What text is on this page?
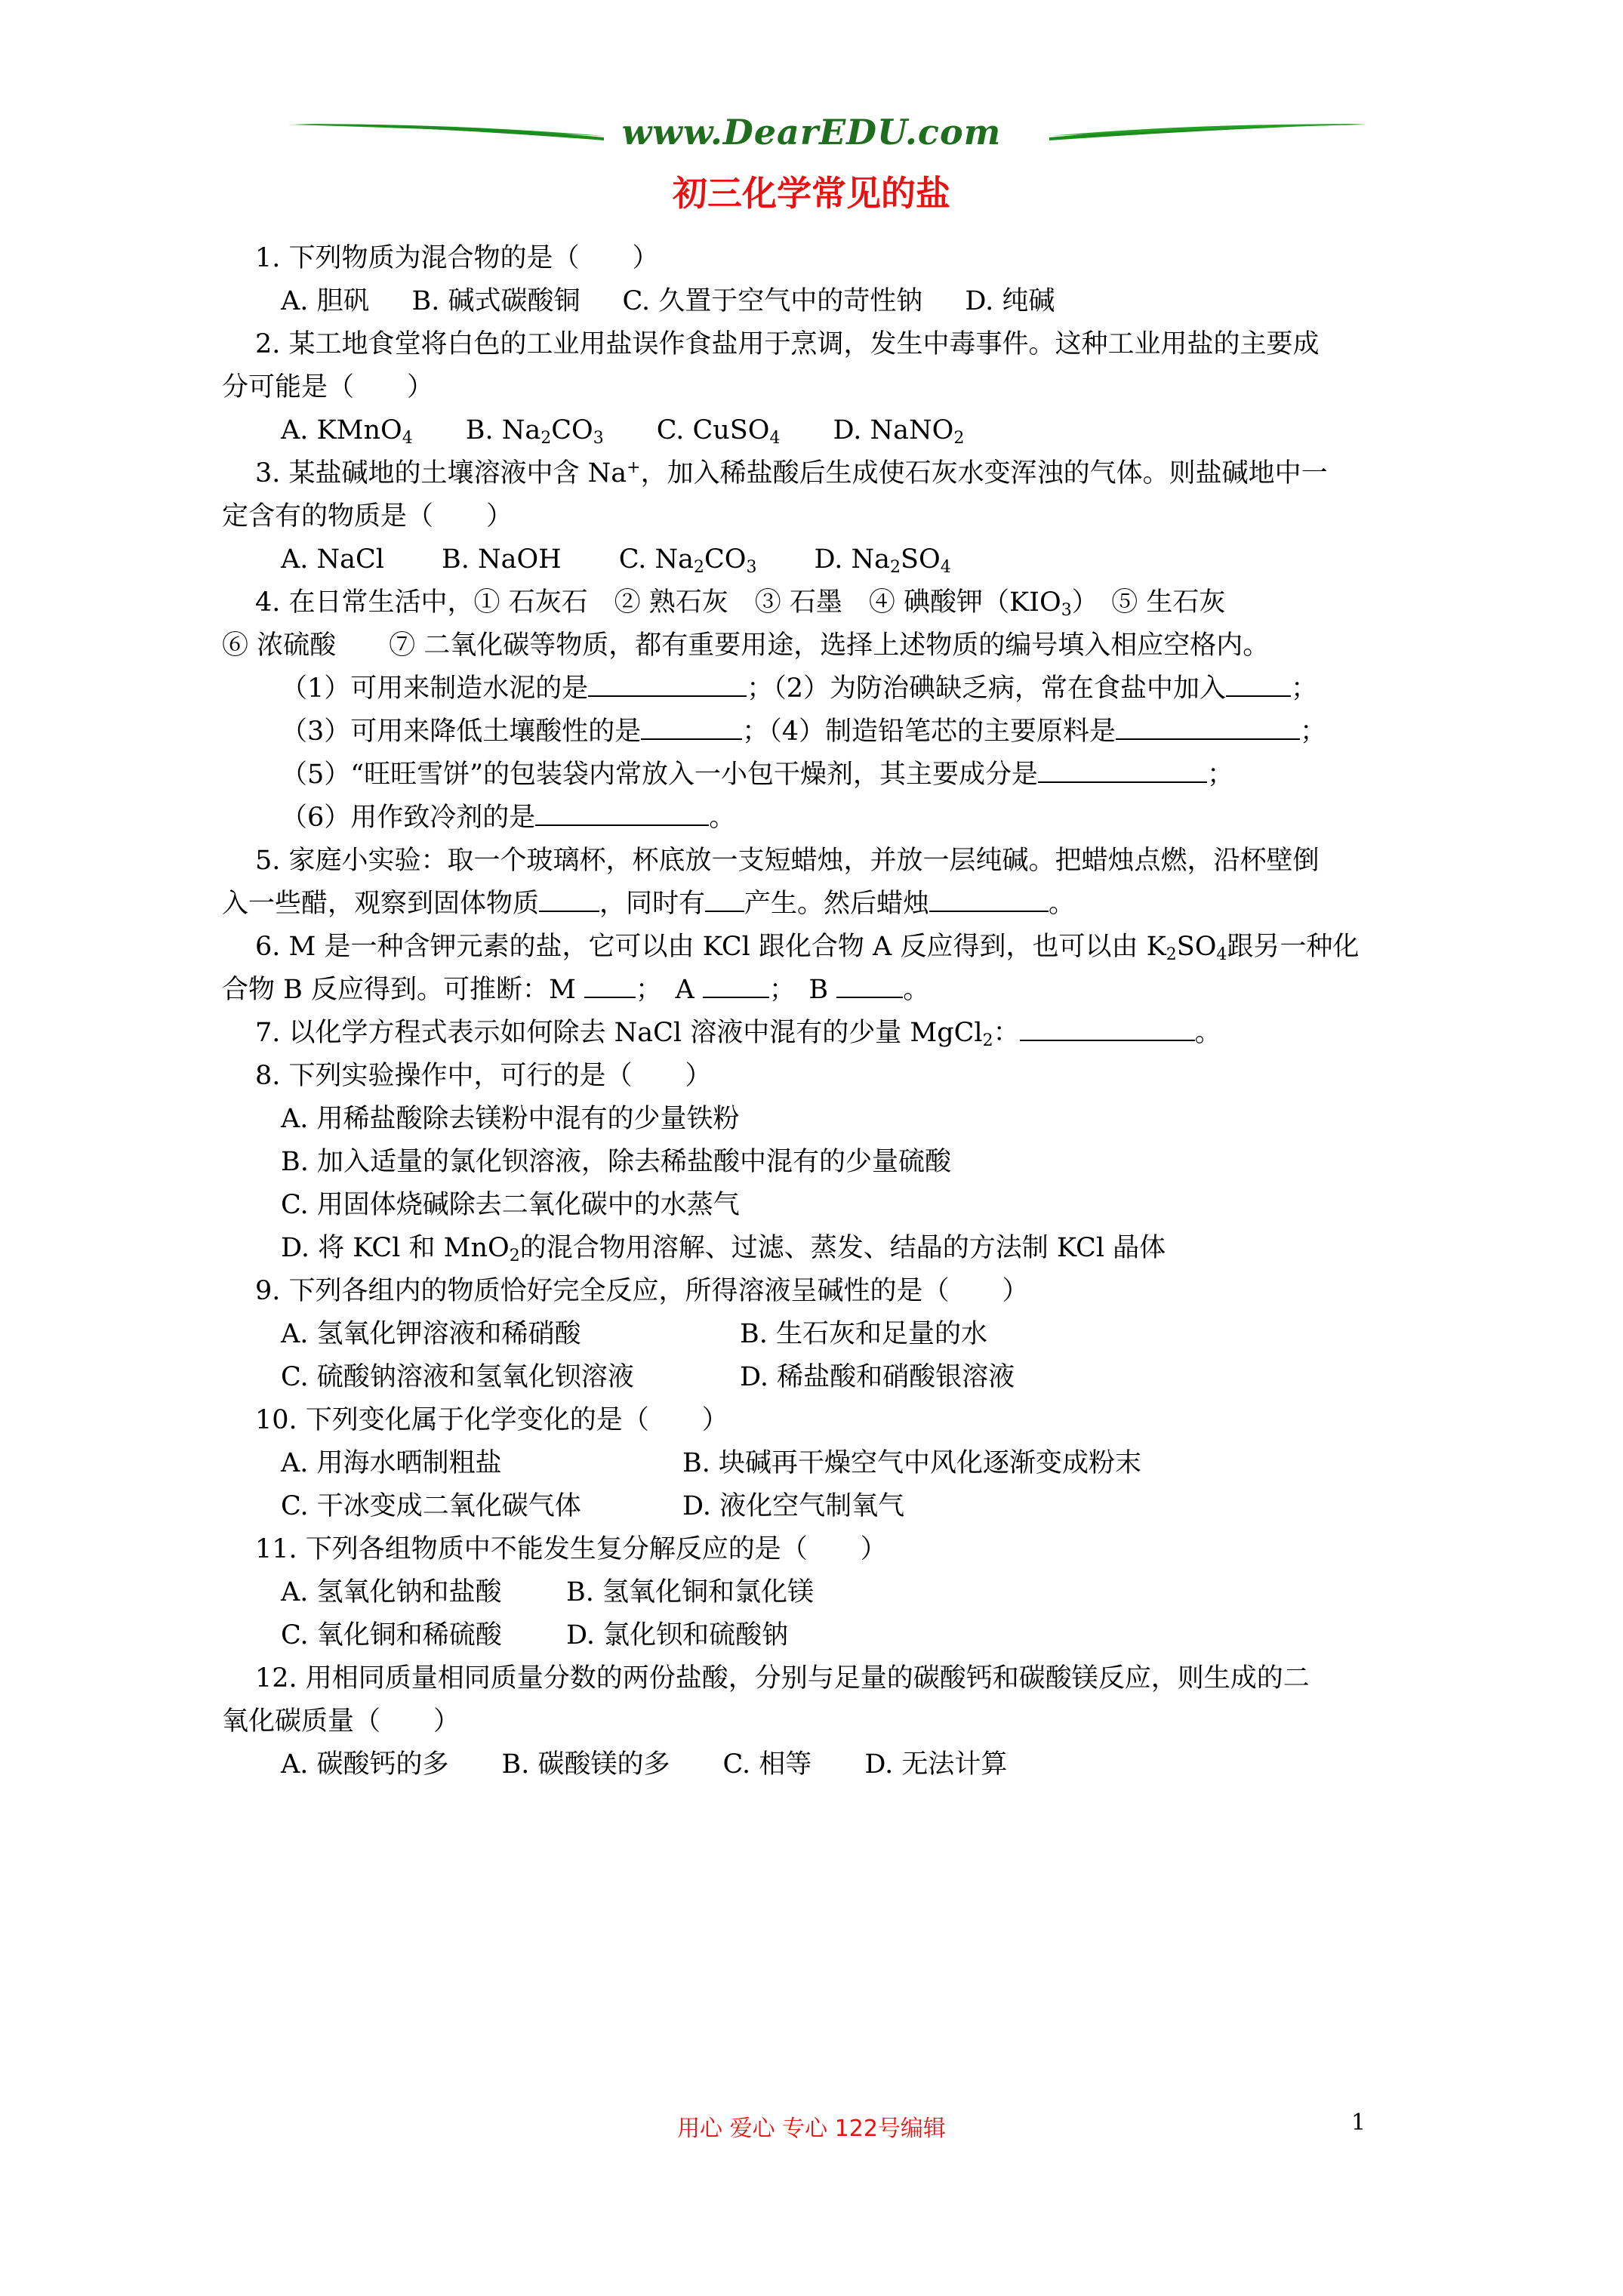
www.DearEDU.com
初三化学常见的盐
1. 下列物质为混合物的是（　　）
A. 胆矾 B. 碱式碳酸铜 C. 久置于空气中的苛性钠 D. 纯碱
2. 某工地食堂将白色的工业用盐误作食盐用于烹调，发生中毒事件。这种工业用盐的主要成
分可能是（　　）
A. KMnO$_4$ B. $Na_2CO_3$ C. CuSO$_4$ D. NaNO$_2$
3. 某盐碱地的土壤溶液中含 Na+，加入稀盐酸后生成使石灰水变浑浊的气体。则盐碱地中一
定含有的物质是（　　）
A. NaCl B. NaOH C. $Na_2CO_3$ D. $Na_2SO_4$
4. 在日常生活中，① 石灰石　② 熟石灰　③ 石墨　④ 碘酸钾$(KIO_3)$　⑤ 生石灰
⑥ 浓硫酸　　⑦ 二氧化碳等物质，都有重要用途，选择上述物质的编号填入相应空格内。
（1）可用来制造水泥的是	；（2）为防治碘缺乏病，常在食盐中加入 ；
（3）可用来降低土壤酸性的是	；（4）制造铅笔芯的主要原料是	；
（5）“旺旺雪饼”的包装袋内常放入一小包干燥剂，其主要成分是	；
（6）用作致冷剂的是	。
5. 家庭小实验：取一个玻璃杯，杯底放一支短蜡烛，并放一层纯碱。把蜡烛点燃，沿杯壁倒
入一些醋，观察到固体物质 ，同时有 产生。然后蜡烛	。
6. M 是一种含钾元素的盐，它可以由 KCl 跟化合物 A 反应得到，也可以由 $K_2SO_4$跟另一种化
合物 B 反应得到。可推断：M ；　A	；　B	。
7. 以化学方程式表示如何除去 NaCl 溶液中混有的少量 MgCl$_2$：	。
8. 下列实验操作中，可行的是（　　）
A. 用稀盐酸除去镁粉中混有的少量铁粉
B. 加入适量的氯化钡溶液，除去稀盐酸中混有的少量硫酸
C. 用固体烧碱除去二氧化碳中的水蒸气
D. 将 KCl 和 MnO$_2$的混合物用溶解、过滤、蒸发、结晶的方法制 KCl 晶体
9. 下列各组内的物质恰好完全反应，所得溶液呈碱性的是（　　）
A. 氢氧化钾溶液和稀硝酸	B. 生石灰和足量的水
C. 硫酸钠溶液和氢氧化钡溶液	D. 稀盐酸和硝酸银溶液
10. 下列变化属于化学变化的是（　　）
A. 用海水晒制粗盐	B. 块碱再干燥空气中风化逐渐变成粉末
C. 干冰变成二氧化碳气体	D. 液化空气制氧气
11. 下列各组物质中不能发生复分解反应的是（　　）
A. 氢氧化钠和盐酸 B. 氢氧化铜和氯化镁
C. 氧化铜和稀硫酸 D. 氯化钡和硫酸钠
12. 用相同质量相同质量分数的两份盐酸，分别与足量的碳酸钙和碳酸镁反应，则生成的二
氧化碳质量（　　）
A. 碳酸钙的多 B. 碳酸镁的多 C. 相等 D. 无法计算
用心 爱心 专心 122号编辑	1
